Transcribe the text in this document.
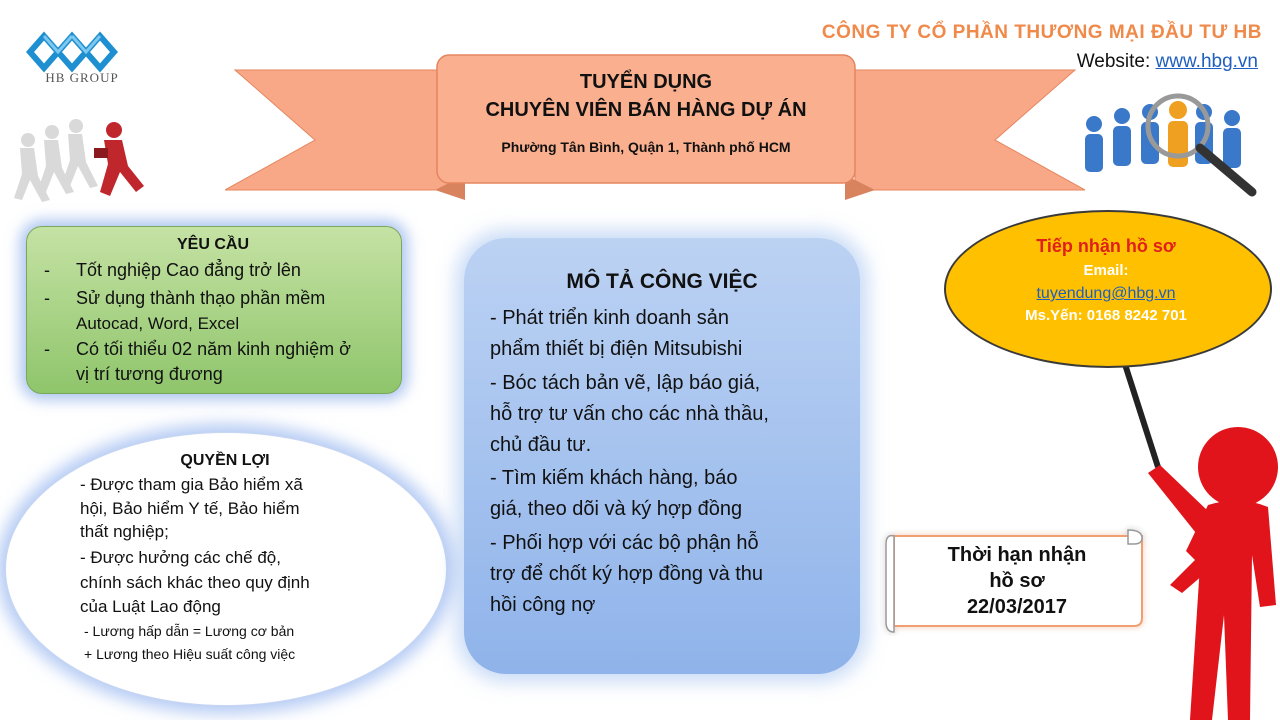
HB GROUP
CÔNG TY CỔ PHẦN THƯƠNG MẠI ĐẦU TƯ HB
Website: www.hbg.vn
TUYỂN DỤNG
CHUYÊN VIÊN BÁN HÀNG DỰ ÁN
Phường Tân Bình, Quận 1, Thành phố HCM
YÊU CẦU
-	Tốt nghiệp Cao đẳng trở lên
-	Sử dụng thành thạo phần mềm
Autocad, Word, Excel
-	Có tối thiểu 02 năm kinh nghiệm ở
vị trí tương đương
QUYỀN LỢI
- Được tham gia Bảo hiểm xã
hội, Bảo hiểm Y tế, Bảo hiểm
thất nghiệp;
- Được hưởng các chế độ,
chính sách khác theo quy định
của Luật Lao động
- Lương hấp dẫn = Lương cơ bản
+ Lương theo Hiệu suất công việc
MÔ TẢ CÔNG VIỆC
- Phát triển kinh doanh sản
phẩm thiết bị điện Mitsubishi
- Bóc tách bản vẽ, lập báo giá,
hỗ trợ tư vấn cho các nhà thầu,
chủ đầu tư.
- Tìm kiếm khách hàng, báo
giá, theo dõi và ký hợp đồng
- Phối hợp với các bộ phận hỗ
trợ để chốt ký hợp đồng và thu
hồi công nợ
Tiếp nhận hồ sơ
Email:
tuyendung@hbg.vn
Ms.Yến: 0168 8242 701
Thời hạn nhận
hồ sơ
22/03/2017
